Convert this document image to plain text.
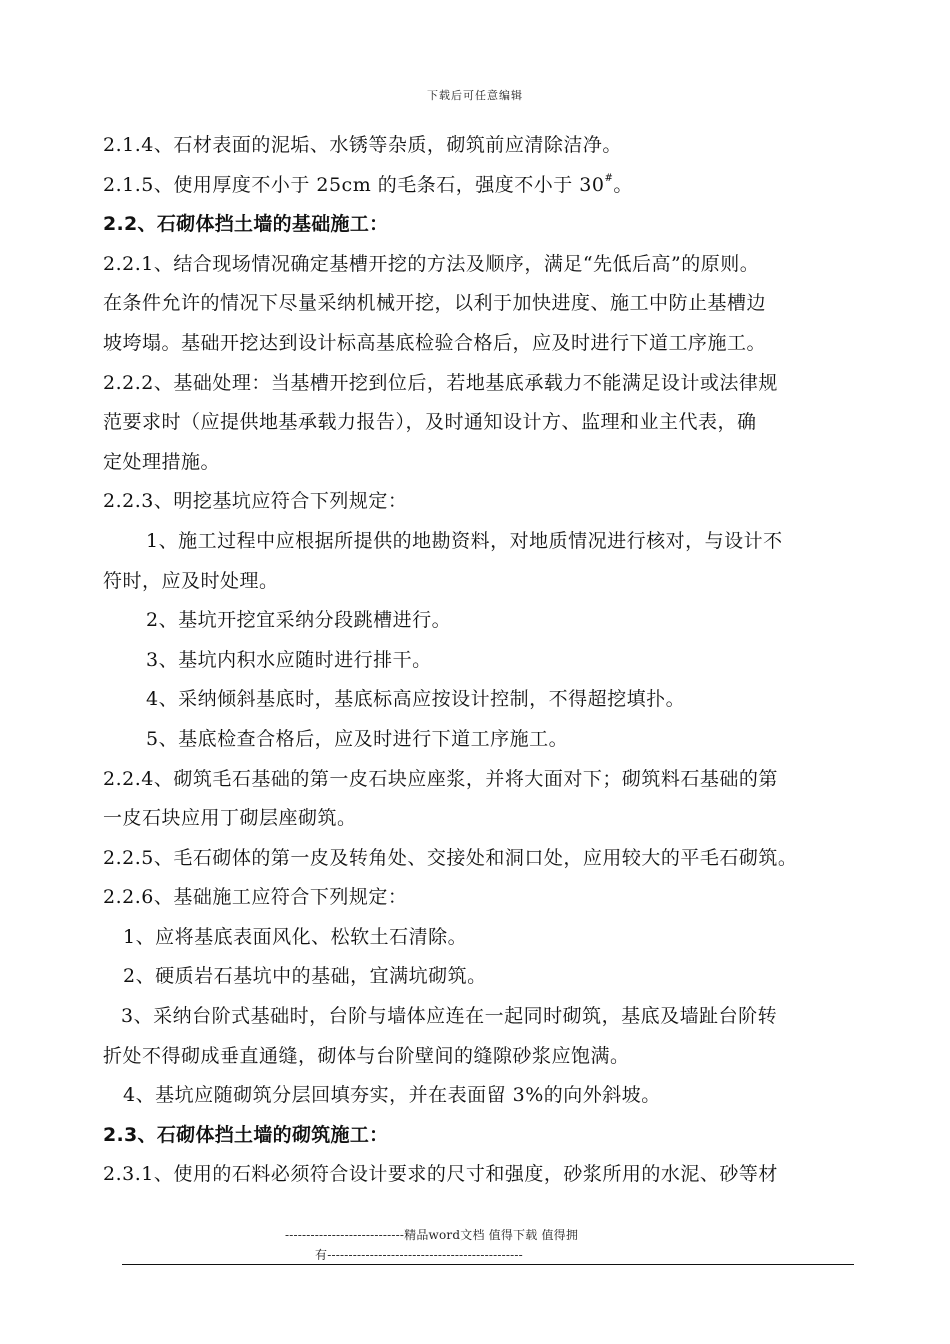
下载后可任意编辑
2.1.4、石材表面的泥垢、水锈等杂质，砌筑前应清除洁净。
2.1.5、使用厚度不小于 25cm 的毛条石，强度不小于 30#。
2.2、石砌体挡土墙的基础施工：
2.2.1、结合现场情况确定基槽开挖的方法及顺序，满足“先低后高”的原则。
在条件允许的情况下尽量采纳机械开挖，以利于加快进度、施工中防止基槽边
坡垮塌。基础开挖达到设计标高基底检验合格后，应及时进行下道工序施工。
2.2.2、基础处理：当基槽开挖到位后，若地基底承载力不能满足设计或法律规
范要求时（应提供地基承载力报告），及时通知设计方、监理和业主代表，确
定处理措施。
2.2.3、明挖基坑应符合下列规定：
1、施工过程中应根据所提供的地勘资料，对地质情况进行核对，与设计不
符时，应及时处理。
2、基坑开挖宜采纳分段跳槽进行。
3、基坑内积水应随时进行排干。
4、采纳倾斜基底时，基底标高应按设计控制，不得超挖填扑。
5、基底检查合格后，应及时进行下道工序施工。
2.2.4、砌筑毛石基础的第一皮石块应座浆，并将大面对下；砌筑料石基础的第
一皮石块应用丁砌层座砌筑。
2.2.5、毛石砌体的第一皮及转角处、交接处和洞口处，应用较大的平毛石砌筑。
2.2.6、基础施工应符合下列规定：
1、应将基底表面风化、松软土石清除。
2、硬质岩石基坑中的基础，宜满坑砌筑。
3、采纳台阶式基础时，台阶与墙体应连在一起同时砌筑，基底及墙趾台阶转
折处不得砌成垂直通缝，砌体与台阶壁间的缝隙砂浆应饱满。
4、基坑应随砌筑分层回填夯实，并在表面留 3%的向外斜坡。
2.3、石砌体挡土墙的砌筑施工：
2.3.1、使用的石料必须符合设计要求的尺寸和强度，砂浆所用的水泥、砂等材
----------------------------精品word文档 值得下载 值得拥
有----------------------------------------------
